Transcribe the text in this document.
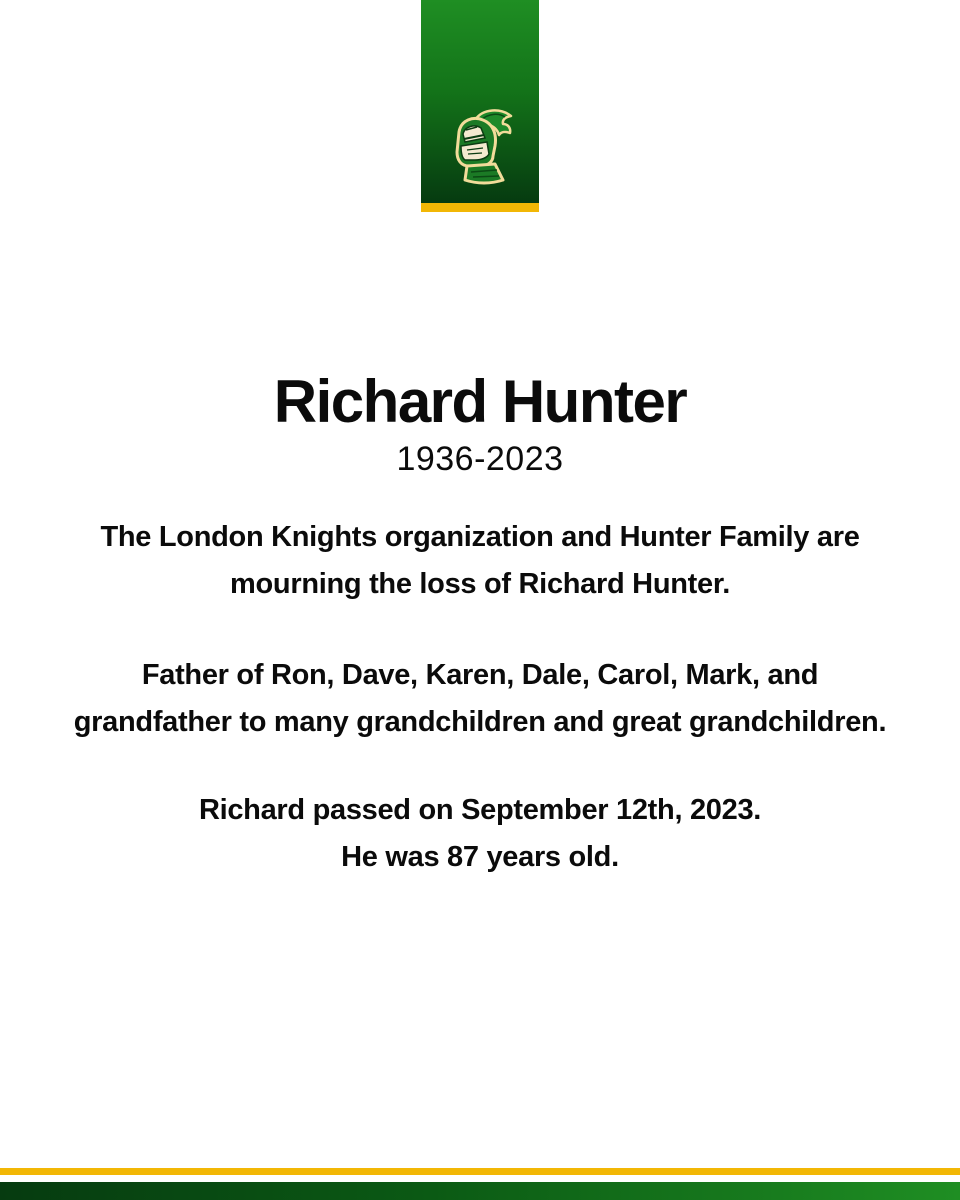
Richard Hunter
1936-2023
The London Knights organization and Hunter Family are
mourning the loss of Richard Hunter.
Father of Ron, Dave, Karen, Dale, Carol, Mark, and
grandfather to many grandchildren and great grandchildren.
Richard passed on September 12th, 2023.
He was 87 years old.
